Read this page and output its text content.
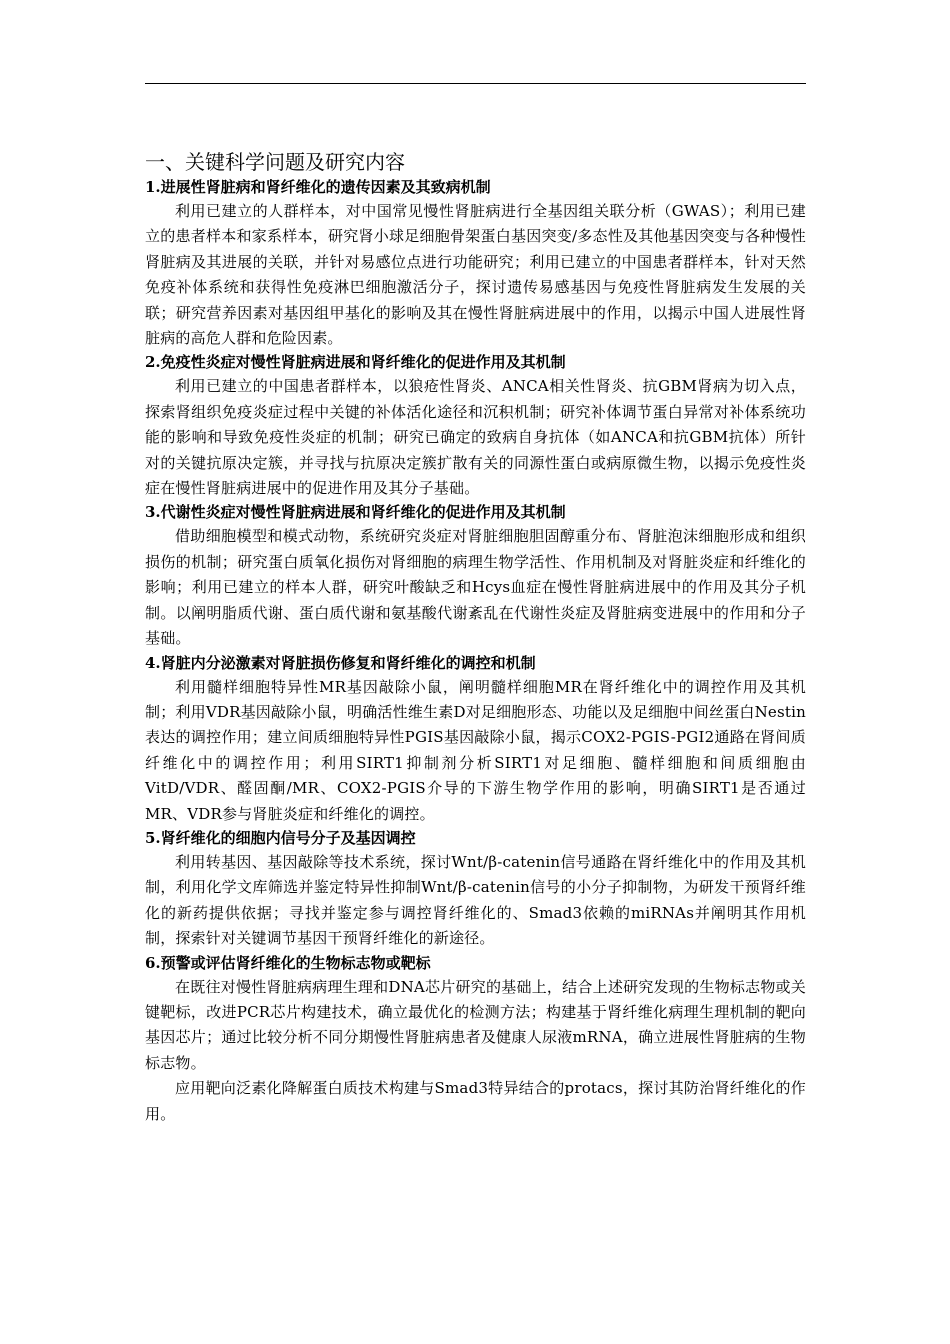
一、关键科学问题及研究内容
1.进展性肾脏病和肾纤维化的遗传因素及其致病机制

利用已建立的人群样本，对中国常见慢性肾脏病进行全基因组关联分析（GWAS）；利用已建立的患者样本和家系样本，研究肾小球足细胞骨架蛋白基因突变/多态性及其他基因突变与各种慢性肾脏病及其进展的关联，并针对易感位点进行功能研究；利用已建立的中国患者群样本，针对天然免疫补体系统和获得性免疫淋巴细胞激活分子，探讨遗传易感基因与免疫性肾脏病发生发展的关联；研究营养因素对基因组甲基化的影响及其在慢性肾脏病进展中的作用，以揭示中国人进展性肾脏病的高危人群和危险因素。

2.免疫性炎症对慢性肾脏病进展和肾纤维化的促进作用及其机制

利用已建立的中国患者群样本，以狼疮性肾炎、ANCA相关性肾炎、抗GBM肾病为切入点，探索肾组织免疫炎症过程中关键的补体活化途径和沉积机制；研究补体调节蛋白异常对补体系统功能的影响和导致免疫性炎症的机制；研究已确定的致病自身抗体（如ANCA和抗GBM抗体）所针对的关键抗原决定簇，并寻找与抗原决定簇扩散有关的同源性蛋白或病原微生物，以揭示免疫性炎症在慢性肾脏病进展中的促进作用及其分子基础。

3.代谢性炎症对慢性肾脏病进展和肾纤维化的促进作用及其机制

借助细胞模型和模式动物，系统研究炎症对肾脏细胞胆固醇重分布、肾脏泡沫细胞形成和组织损伤的机制；研究蛋白质氧化损伤对肾细胞的病理生物学活性、作用机制及对肾脏炎症和纤维化的影响；利用已建立的样本人群，研究叶酸缺乏和Hcys血症在慢性肾脏病进展中的作用及其分子机制。以阐明脂质代谢、蛋白质代谢和氨基酸代谢紊乱在代谢性炎症及肾脏病变进展中的作用和分子基础。

4.肾脏内分泌激素对肾脏损伤修复和肾纤维化的调控和机制

利用髓样细胞特异性MR基因敲除小鼠，阐明髓样细胞MR在肾纤维化中的调控作用及其机制；利用VDR基因敲除小鼠，明确活性维生素D对足细胞形态、功能以及足细胞中间丝蛋白Nestin表达的调控作用；建立间质细胞特异性PGIS基因敲除小鼠，揭示COX2-PGIS-PGI2通路在肾间质纤维化中的调控作用；利用SIRT1抑制剂分析SIRT1对足细胞、髓样细胞和间质细胞由VitD/VDR、醛固酮/MR、COX2-PGIS介导的下游生物学作用的影响，明确SIRT1是否通过MR、VDR参与肾脏炎症和纤维化的调控。

5.肾纤维化的细胞内信号分子及基因调控

利用转基因、基因敲除等技术系统，探讨Wnt/β-catenin信号通路在肾纤维化中的作用及其机制，利用化学文库筛选并鉴定特异性抑制Wnt/β-catenin信号的小分子抑制物，为研发干预肾纤维化的新药提供依据；寻找并鉴定参与调控肾纤维化的、Smad3依赖的miRNAs并阐明其作用机制，探索针对关键调节基因干预肾纤维化的新途径。

6.预警或评估肾纤维化的生物标志物或靶标

在既往对慢性肾脏病病理生理和DNA芯片研究的基础上，结合上述研究发现的生物标志物或关键靶标，改进PCR芯片构建技术，确立最优化的检测方法；构建基于肾纤维化病理生理机制的靶向基因芯片；通过比较分析不同分期慢性肾脏病患者及健康人尿液mRNA，确立进展性肾脏病的生物标志物。

应用靶向泛素化降解蛋白质技术构建与Smad3特异结合的protacs，探讨其防治肾纤维化的作用。
